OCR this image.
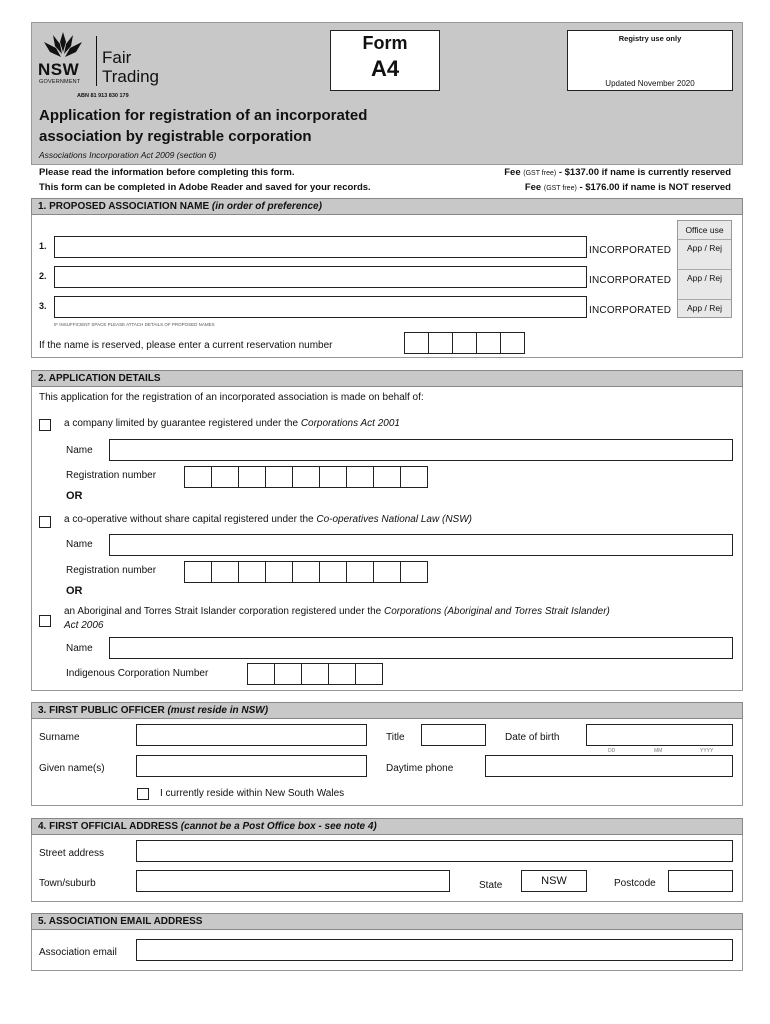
NSW
GOVERNMENT
Fair
Trading
ABN 81 913 830 179
Form
A4
Registry use only
Updated November 2020
Application for registration of an incorporated
association by registrable corporation
Associations Incorporation Act 2009 (section 6)
Please read the information before completing this form.
This form can be completed in Adobe Reader and saved for your records.
Fee (GST free) - $137.00 if name is currently reserved
Fee (GST free) - $176.00 if name is NOT reserved
1. PROPOSED ASSOCIATION NAME (in order of preference)
1.	INCORPORATED
2.	INCORPORATED
3.	INCORPORATED
Office use
App / Rej
App / Rej
App / Rej
IF INSUFFICIENT SPACE PLEASE ATTACH DETAILS OF PROPOSED NAMES
If the name is reserved, please enter a current reservation number
2. APPLICATION DETAILS
This application for the registration of an incorporated association is made on behalf of:
a company limited by guarantee registered under the Corporations Act 2001
Name
Registration number
OR
a co-operative without share capital registered under the Co-operatives National Law (NSW)
Name
Registration number
OR
an Aboriginal and Torres Strait Islander corporation registered under the Corporations (Aboriginal and Torres Strait Islander)
Act 2006
Name
Indigenous Corporation Number
3. FIRST PUBLIC OFFICER (must reside in NSW)
Surname	Title	Date of birth
DD	MM	YYYY
Given name(s)	Daytime phone
I currently reside within New South Wales
4. FIRST OFFICIAL ADDRESS (cannot be a Post Office box - see note 4)
Street address
Town/suburb	State	NSW	Postcode
5. ASSOCIATION EMAIL ADDRESS
Association email
